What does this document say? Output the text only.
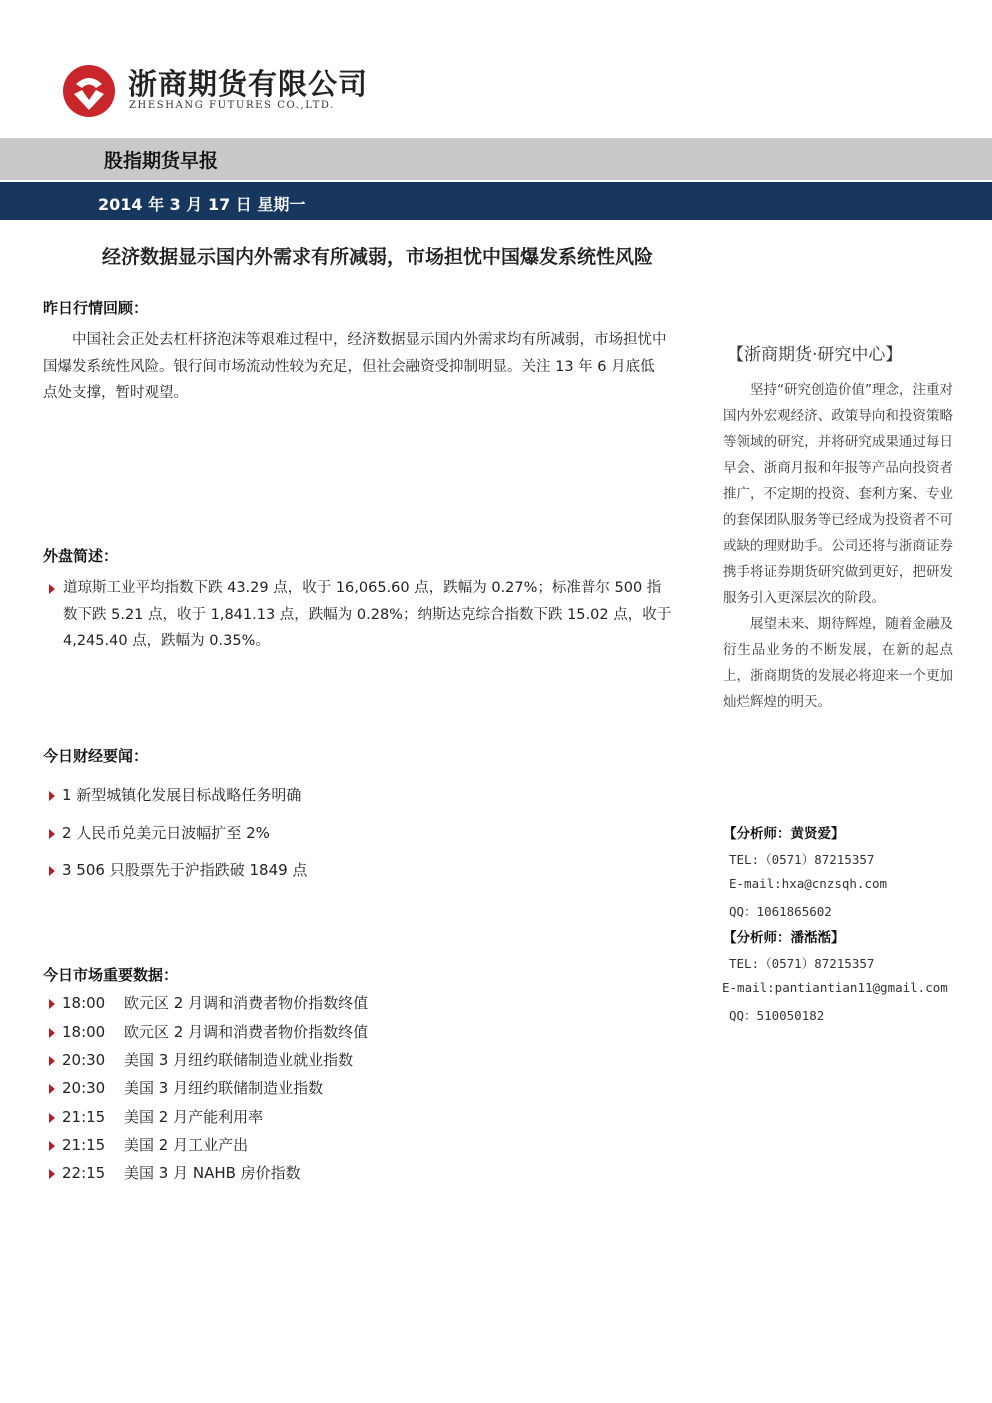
浙商期货有限公司
ZHESHANG FUTURES CO.,LTD.
股指期货早报
2014 年 3 月 17 日 星期一
经济数据显示国内外需求有所减弱，市场担忧中国爆发系统性风险
昨日行情回顾：

中国社会正处去杠杆挤泡沫等艰难过程中，经济数据显示国内外需求均有所减弱，市场担忧中国爆发系统性风险。银行间市场流动性较为充足，但社会融资受抑制明显。关注 13 年 6 月底低点处支撑，暂时观望。

外盘简述：
道琼斯工业平均指数下跌 43.29 点，收于 16,065.60 点，跌幅为 0.27%；标准普尔 500 指数下跌 5.21 点，收于 1,841.13 点，跌幅为 0.28%；纳斯达克综合指数下跌 15.02 点，收于 4,245.40 点，跌幅为 0.35%。
今日财经要闻：
1 新型城镇化发展目标战略任务明确
2 人民币兑美元日波幅扩至 2%
3 506 只股票先于沪指跌破 1849 点
今日市场重要数据：
18:00 欧元区 2 月调和消费者物价指数终值
18:00 欧元区 2 月调和消费者物价指数终值
20:30 美国 3 月纽约联储制造业就业指数
20:30 美国 3 月纽约联储制造业指数
21:15 美国 2 月产能利用率
21:15 美国 2 月工业产出
22:15 美国 3 月 NAHB 房价指数
【浙商期货·研究中心】

坚持“研究创造价值”理念，注重对国内外宏观经济、政策导向和投资策略等领域的研究，并将研究成果通过每日早会、浙商月报和年报等产品向投资者推广，不定期的投资、套利方案、专业的套保团队服务等已经成为投资者不可或缺的理财助手。公司还将与浙商证券携手将证券期货研究做到更好，把研发服务引入更深层次的阶段。

展望未来、期待辉煌，随着金融及衍生品业务的不断发展，在新的起点上，浙商期货的发展必将迎来一个更加灿烂辉煌的明天。

【分析师：黄贤爱】
TEL:（0571）87215357
E-mail:hxa@cnzsqh.com
QQ：1061865602
【分析师：潘湉湉】
TEL:（0571）87215357
E-mail:pantiantian11@gmail.com
QQ：510050182
